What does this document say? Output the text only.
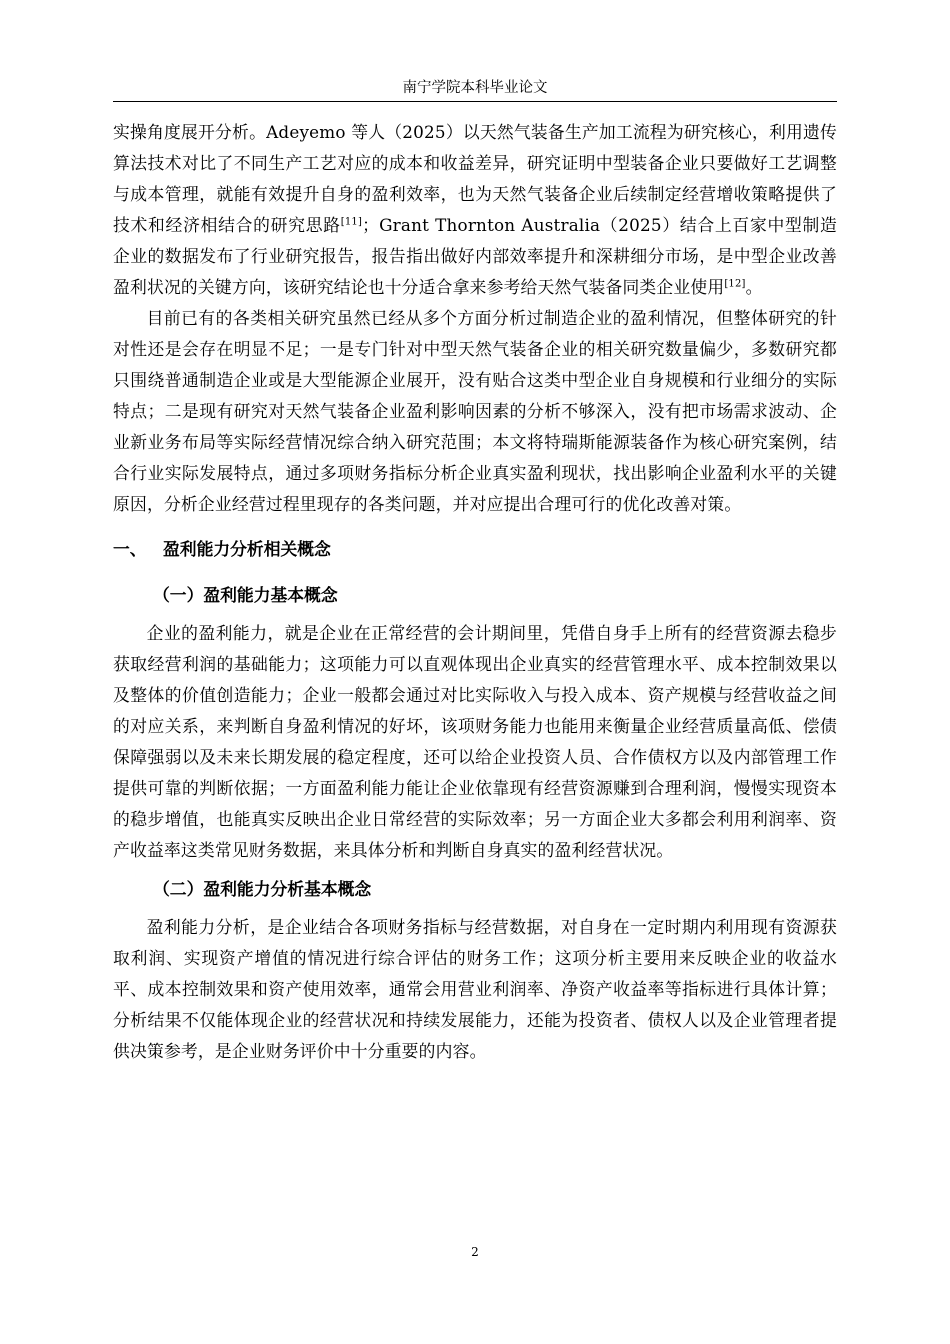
南宁学院本科毕业论文

实操角度展开分析。Adeyemo 等人（2025）以天然气装备生产加工流程为研究核心，利用遗传算法技术对比了不同生产工艺对应的成本和收益差异，研究证明中型装备企业只要做好工艺调整与成本管理，就能有效提升自身的盈利效率，也为天然气装备企业后续制定经营增收策略提供了技术和经济相结合的研究思路[11]；Grant Thornton Australia（2025）结合上百家中型制造企业的数据发布了行业研究报告，报告指出做好内部效率提升和深耕细分市场，是中型企业改善盈利状况的关键方向，该研究结论也十分适合拿来参考给天然气装备同类企业使用[12]。

目前已有的各类相关研究虽然已经从多个方面分析过制造企业的盈利情况，但整体研究的针对性还是会存在明显不足；一是专门针对中型天然气装备企业的相关研究数量偏少，多数研究都只围绕普通制造企业或是大型能源企业展开，没有贴合这类中型企业自身规模和行业细分的实际特点；二是现有研究对天然气装备企业盈利影响因素的分析不够深入，没有把市场需求波动、企业新业务布局等实际经营情况综合纳入研究范围；本文将特瑞斯能源装备作为核心研究案例，结合行业实际发展特点，通过多项财务指标分析企业真实盈利现状，找出影响企业盈利水平的关键原因，分析企业经营过程里现存的各类问题，并对应提出合理可行的优化改善对策。

一、 盈利能力分析相关概念
（一）盈利能力基本概念

企业的盈利能力，就是企业在正常经营的会计期间里，凭借自身手上所有的经营资源去稳步获取经营利润的基础能力；这项能力可以直观体现出企业真实的经营管理水平、成本控制效果以及整体的价值创造能力；企业一般都会通过对比实际收入与投入成本、资产规模与经营收益之间的对应关系，来判断自身盈利情况的好坏，该项财务能力也能用来衡量企业经营质量高低、偿债保障强弱以及未来长期发展的稳定程度，还可以给企业投资人员、合作债权方以及内部管理工作提供可靠的判断依据；一方面盈利能力能让企业依靠现有经营资源赚到合理利润，慢慢实现资本的稳步增值，也能真实反映出企业日常经营的实际效率；另一方面企业大多都会利用利润率、资产收益率这类常见财务数据，来具体分析和判断自身真实的盈利经营状况。

（二）盈利能力分析基本概念

盈利能力分析，是企业结合各项财务指标与经营数据，对自身在一定时期内利用现有资源获取利润、实现资产增值的情况进行综合评估的财务工作；这项分析主要用来反映企业的收益水平、成本控制效果和资产使用效率，通常会用营业利润率、净资产收益率等指标进行具体计算；分析结果不仅能体现企业的经营状况和持续发展能力，还能为投资者、债权人以及企业管理者提供决策参考，是企业财务评价中十分重要的内容。

2
